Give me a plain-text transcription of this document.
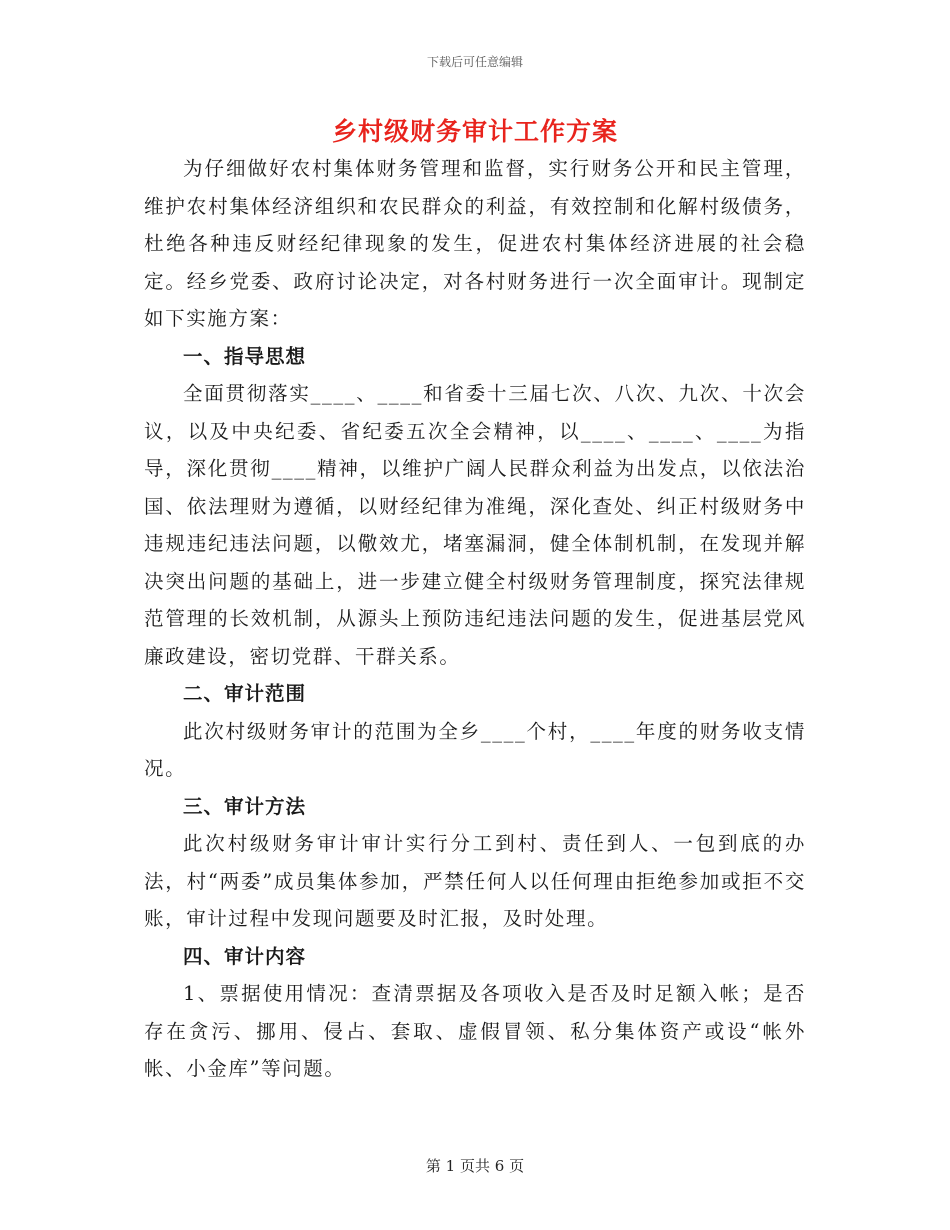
下载后可任意编辑
乡村级财务审计工作方案

为仔细做好农村集体财务管理和监督，实行财务公开和民主管理，维护农村集体经济组织和农民群众的利益，有效控制和化解村级债务，杜绝各种违反财经纪律现象的发生，促进农村集体经济进展的社会稳定。经乡党委、政府讨论决定，对各村财务进行一次全面审计。现制定如下实施方案：

一、指导思想

全面贯彻落实____、____和省委十三届七次、八次、九次、十次会议，以及中央纪委、省纪委五次全会精神，以____、____、____为指导，深化贯彻____精神，以维护广阔人民群众利益为出发点，以依法治国、依法理财为遵循，以财经纪律为准绳，深化查处、纠正村级财务中违规违纪违法问题，以儆效尤，堵塞漏洞，健全体制机制，在发现并解决突出问题的基础上，进一步建立健全村级财务管理制度，探究法律规范管理的长效机制，从源头上预防违纪违法问题的发生，促进基层党风廉政建设，密切党群、干群关系。

二、审计范围

此次村级财务审计的范围为全乡____个村，____年度的财务收支情况。

三、审计方法

此次村级财务审计审计实行分工到村、责任到人、一包到底的办法，村“两委”成员集体参加，严禁任何人以任何理由拒绝参加或拒不交账，审计过程中发现问题要及时汇报，及时处理。

四、审计内容

1、票据使用情况：查清票据及各项收入是否及时足额入帐；是否存在贪污、挪用、侵占、套取、虚假冒领、私分集体资产或设“帐外帐、小金库”等问题。

第 1 页共 6 页
